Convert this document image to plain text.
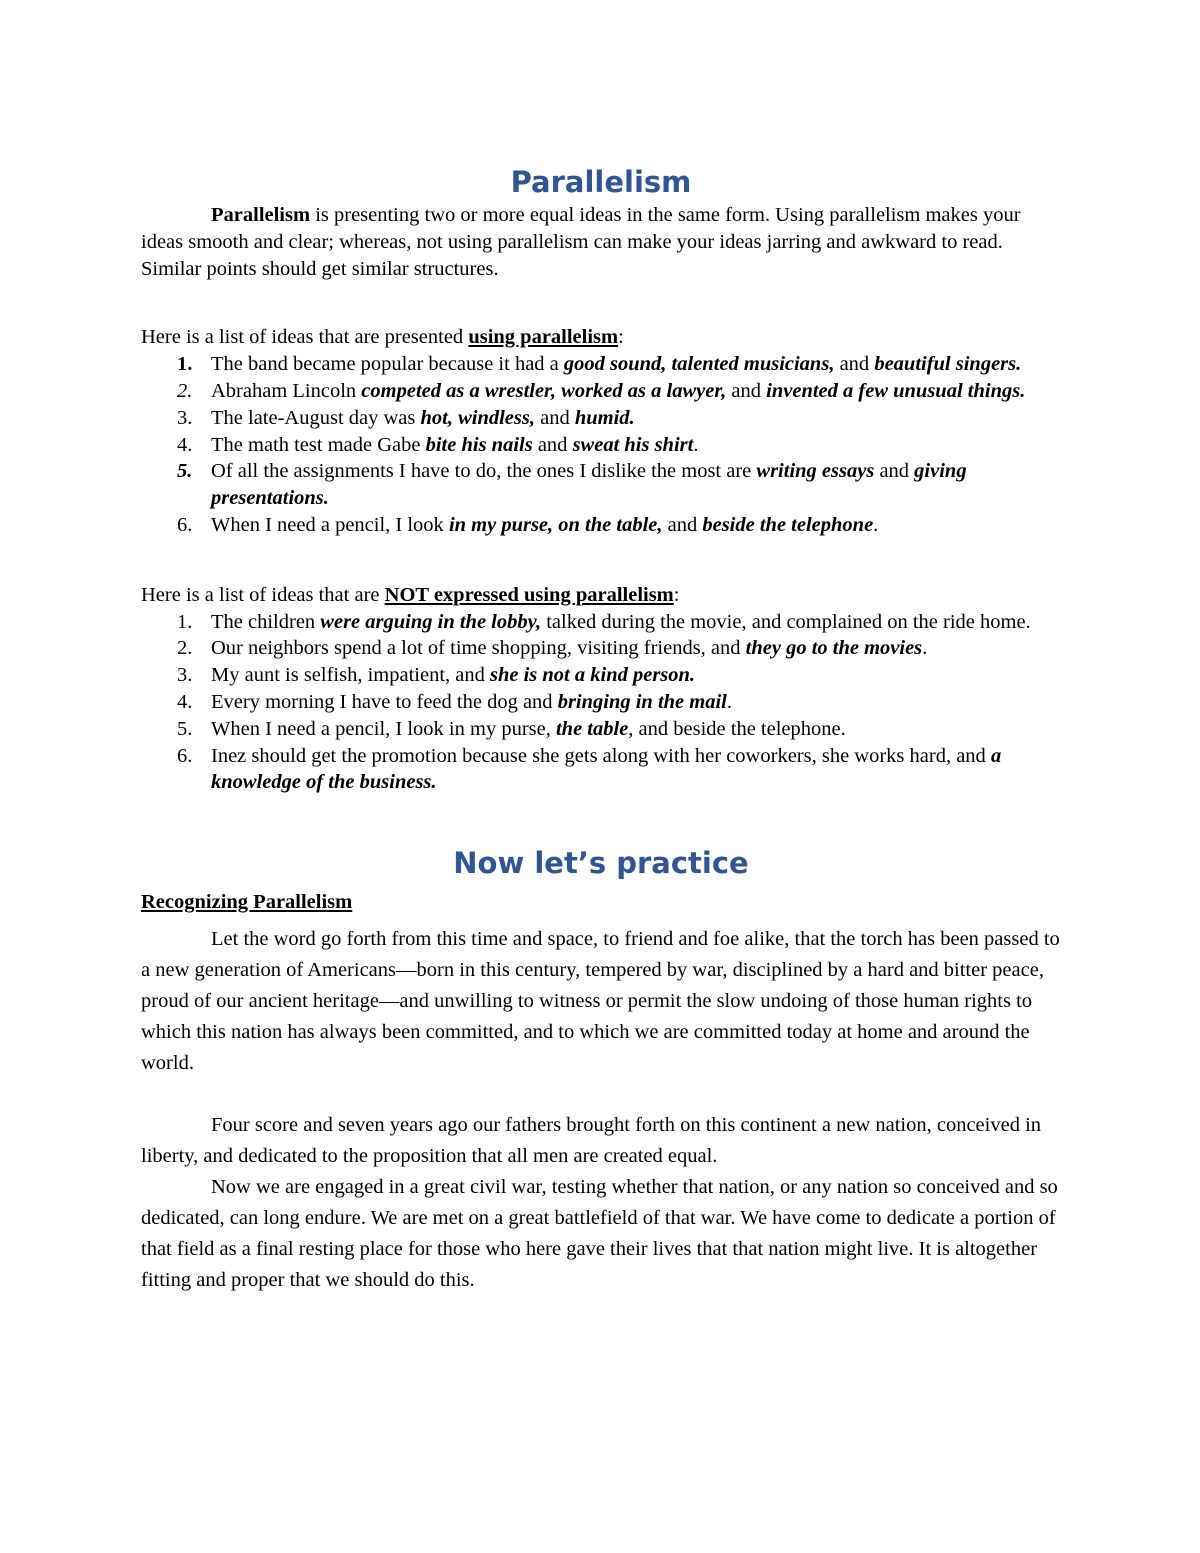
Parallelism

Parallelism is presenting two or more equal ideas in the same form. Using parallelism makes your ideas smooth and clear; whereas, not using parallelism can make your ideas jarring and awkward to read. Similar points should get similar structures.

Here is a list of ideas that are presented using parallelism:

1. The band became popular because it had a good sound, talented musicians, and beautiful singers.
2. Abraham Lincoln competed as a wrestler, worked as a lawyer, and invented a few unusual things.
3. The late-August day was hot, windless, and humid.
4. The math test made Gabe bite his nails and sweat his shirt.
5. Of all the assignments I have to do, the ones I dislike the most are writing essays and giving presentations.
6. When I need a pencil, I look in my purse, on the table, and beside the telephone.

Here is a list of ideas that are NOT expressed using parallelism:

1. The children were arguing in the lobby, talked during the movie, and complained on the ride home.
2. Our neighbors spend a lot of time shopping, visiting friends, and they go to the movies.
3. My aunt is selfish, impatient, and she is not a kind person.
4. Every morning I have to feed the dog and bringing in the mail.
5. When I need a pencil, I look in my purse, the table, and beside the telephone.
6. Inez should get the promotion because she gets along with her coworkers, she works hard, and a knowledge of the business.
Now let’s practice

Recognizing Parallelism

Let the word go forth from this time and space, to friend and foe alike, that the torch has been passed to a new generation of Americans—born in this century, tempered by war, disciplined by a hard and bitter peace, proud of our ancient heritage—and unwilling to witness or permit the slow undoing of those human rights to which this nation has always been committed, and to which we are committed today at home and around the world.

Four score and seven years ago our fathers brought forth on this continent a new nation, conceived in liberty, and dedicated to the proposition that all men are created equal.

Now we are engaged in a great civil war, testing whether that nation, or any nation so conceived and so dedicated, can long endure. We are met on a great battlefield of that war. We have come to dedicate a portion of that field as a final resting place for those who here gave their lives that that nation might live. It is altogether fitting and proper that we should do this.
